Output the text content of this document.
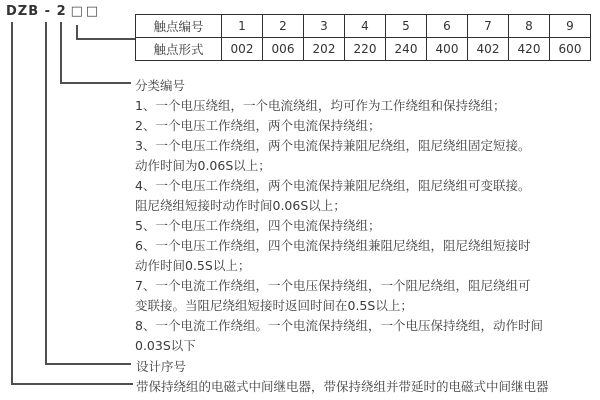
DZB - 2 □□
触点编号	1	2	3	4	5	6	7	8	9
触点形式	002	006	202	220	240	400	402	420	600
分类编号
1、一个电压绕组，一个电流绕组，均可作为工作绕组和保持绕组；
2、一个电压工作绕组，两个电流保持绕组；
3、一个电压工作绕组，两个电流保持兼阻尼绕组，阻尼绕组固定短接。
动作时间为0.06S以上；
4、一个电压工作绕组，两个电流保持兼阻尼绕组，阻尼绕组可变联接。
阻尼绕组短接时动作时间0.06S以上；
5、一个电压工作绕组，四个电流保持绕组；
6、一个电压工作绕组，四个电流保持绕组兼阻尼绕组，阻尼绕组短接时
动作时间0.5S以上；
7、一个电流工作绕组，一个电压保持绕组，一个阻尼绕组，阻尼绕组可
变联接。当阻尼绕组短接时返回时间在0.5S以上；
8、一个电流工作绕组。一个电流保持绕组，一个电压保持绕组，动作时间
0.03S以下
设计序号
带保持绕组的电磁式中间继电器，带保持绕组并带延时的电磁式中间继电器
